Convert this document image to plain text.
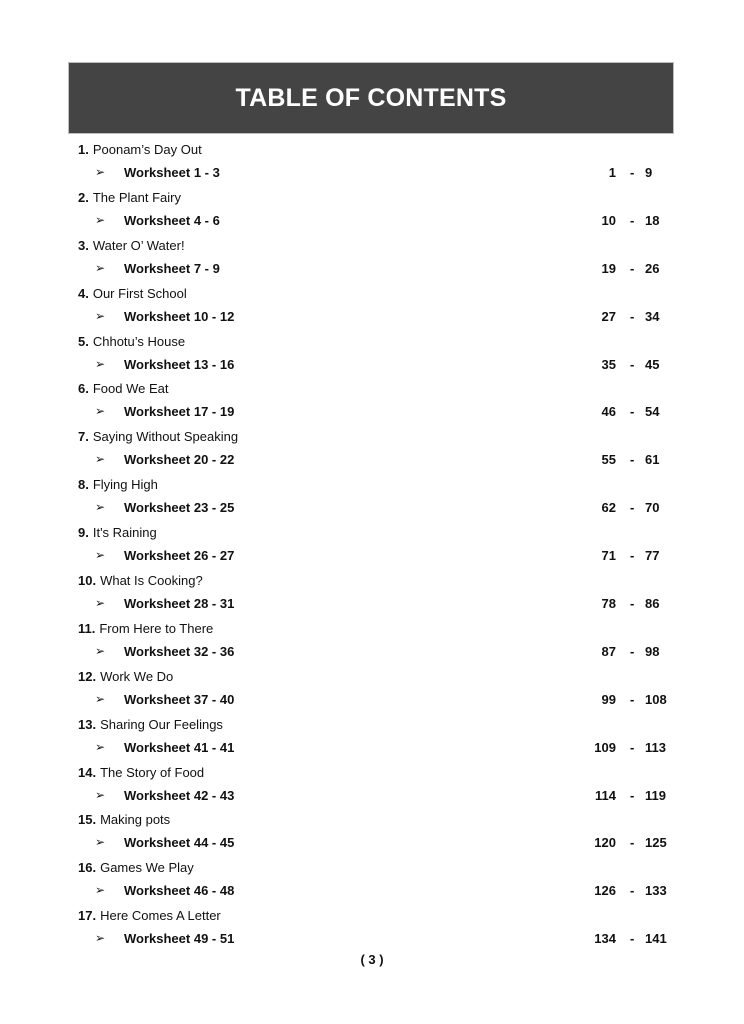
TABLE OF CONTENTS
1. Poonam’s Day Out
➢ Worksheet 1 - 3	1 - 9
2. The Plant Fairy
➢ Worksheet 4 - 6	10 - 18
3. Water O’ Water!
➢ Worksheet 7 - 9	19 - 26
4. Our First School
➢ Worksheet 10 - 12	27 - 34
5. Chhotu’s House
➢ Worksheet 13 - 16	35 - 45
6. Food We Eat
➢ Worksheet 17 - 19	46 - 54
7. Saying Without Speaking
➢ Worksheet 20 - 22	55 - 61
8. Flying High
➢ Worksheet 23 - 25	62 - 70
9. It's Raining
➢ Worksheet 26 - 27	71 - 77
10. What Is Cooking?
➢ Worksheet 28 - 31	78 - 86
11. From Here to There
➢ Worksheet 32 - 36	87 - 98
12. Work We Do
➢ Worksheet 37 - 40	99 - 108
13. Sharing Our Feelings
➢ Worksheet 41 - 41	109 - 113
14. The Story of Food
➢ Worksheet 42 - 43	114 - 119
15. Making pots
➢ Worksheet 44 - 45	120 - 125
16. Games We Play
➢ Worksheet 46 - 48	126 - 133
17. Here Comes A Letter
➢ Worksheet 49 - 51	134 - 141
( 3 )
